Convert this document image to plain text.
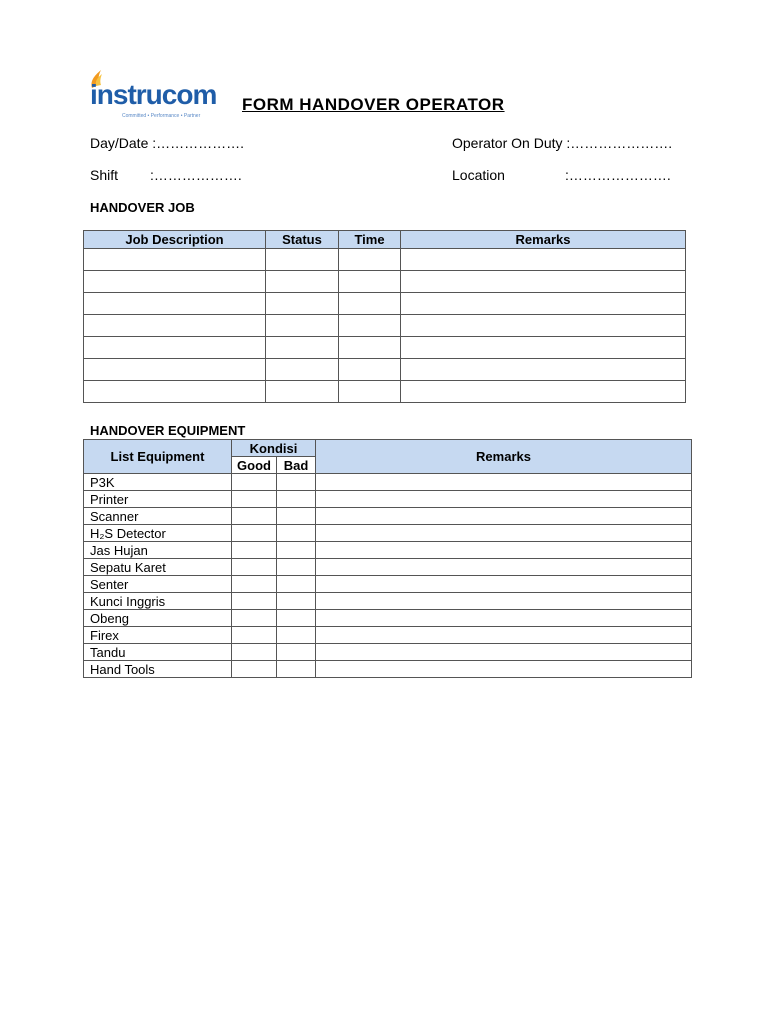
instrucom
Committed • Performance • Partner
FORM HANDOVER OPERATOR
Day/Date :……………….
Shift :……………….
Operator On Duty :………………….
Location	:………………….
HANDOVER JOB
Job Description	Status	Time	Remarks

HANDOVER EQUIPMENT
List Equipment	Kondisi		Remarks
	Good	Bad	
P3K			
Printer			
Scanner			
H₂S Detector			
Jas Hujan			
Sepatu Karet			
Senter			
Kunci Inggris			
Obeng			
Firex			
Tandu			
Hand Tools			
